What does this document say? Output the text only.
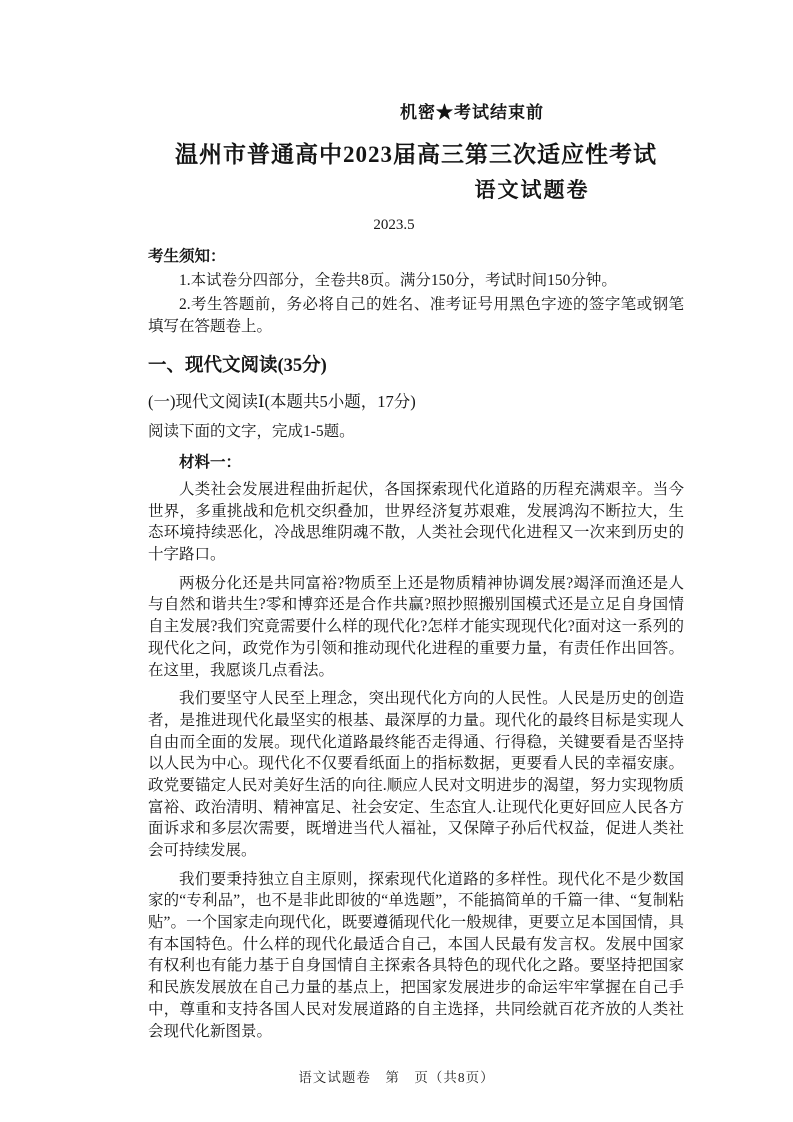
机密★考试结束前
温州市普通高中2023届高三第三次适应性考试
语文试题卷
2023.5
考生须知：

1.本试卷分四部分，全卷共8页。满分150分，考试时间150分钟。

2.考生答题前，务必将自己的姓名、准考证号用黑色字迹的签字笔或钢笔填写在答题卷上。

一、现代文阅读(35分)
(一)现代文阅读Ⅰ(本题共5小题，17分)
阅读下面的文字，完成1-5题。
材料一：

人类社会发展进程曲折起伏，各国探索现代化道路的历程充满艰辛。当今世界，多重挑战和危机交织叠加，世界经济复苏艰难，发展鸿沟不断拉大，生态环境持续恶化，冷战思维阴魂不散，人类社会现代化进程又一次来到历史的十字路口。

两极分化还是共同富裕?物质至上还是物质精神协调发展?竭泽而渔还是人与自然和谐共生?零和博弈还是合作共赢?照抄照搬别国模式还是立足自身国情自主发展?我们究竟需要什么样的现代化?怎样才能实现现代化?面对这一系列的现代化之问，政党作为引领和推动现代化进程的重要力量，有责任作出回答。在这里，我愿谈几点看法。

我们要坚守人民至上理念，突出现代化方向的人民性。人民是历史的创造者，是推进现代化最坚实的根基、最深厚的力量。现代化的最终目标是实现人自由而全面的发展。现代化道路最终能否走得通、行得稳，关键要看是否坚持以人民为中心。现代化不仅要看纸面上的指标数据，更要看人民的幸福安康。政党要锚定人民对美好生活的向往.顺应人民对文明进步的渴望，努力实现物质富裕、政治清明、精神富足、社会安定、生态宜人.让现代化更好回应人民各方面诉求和多层次需要，既增进当代人福祉，又保障子孙后代权益，促进人类社会可持续发展。

我们要秉持独立自主原则，探索现代化道路的多样性。现代化不是少数国家的“专利品”，也不是非此即彼的“单选题”，不能搞简单的千篇一律、“复制粘贴”。一个国家走向现代化，既要遵循现代化一般规律，更要立足本国国情，具有本国特色。什么样的现代化最适合自己，本国人民最有发言权。发展中国家有权利也有能力基于自身国情自主探索各具特色的现代化之路。要坚持把国家和民族发展放在自己力量的基点上，把国家发展进步的命运牢牢掌握在自己手中，尊重和支持各国人民对发展道路的自主选择，共同绘就百花齐放的人类社会现代化新图景。

语文试题卷　第　页（共8页）
